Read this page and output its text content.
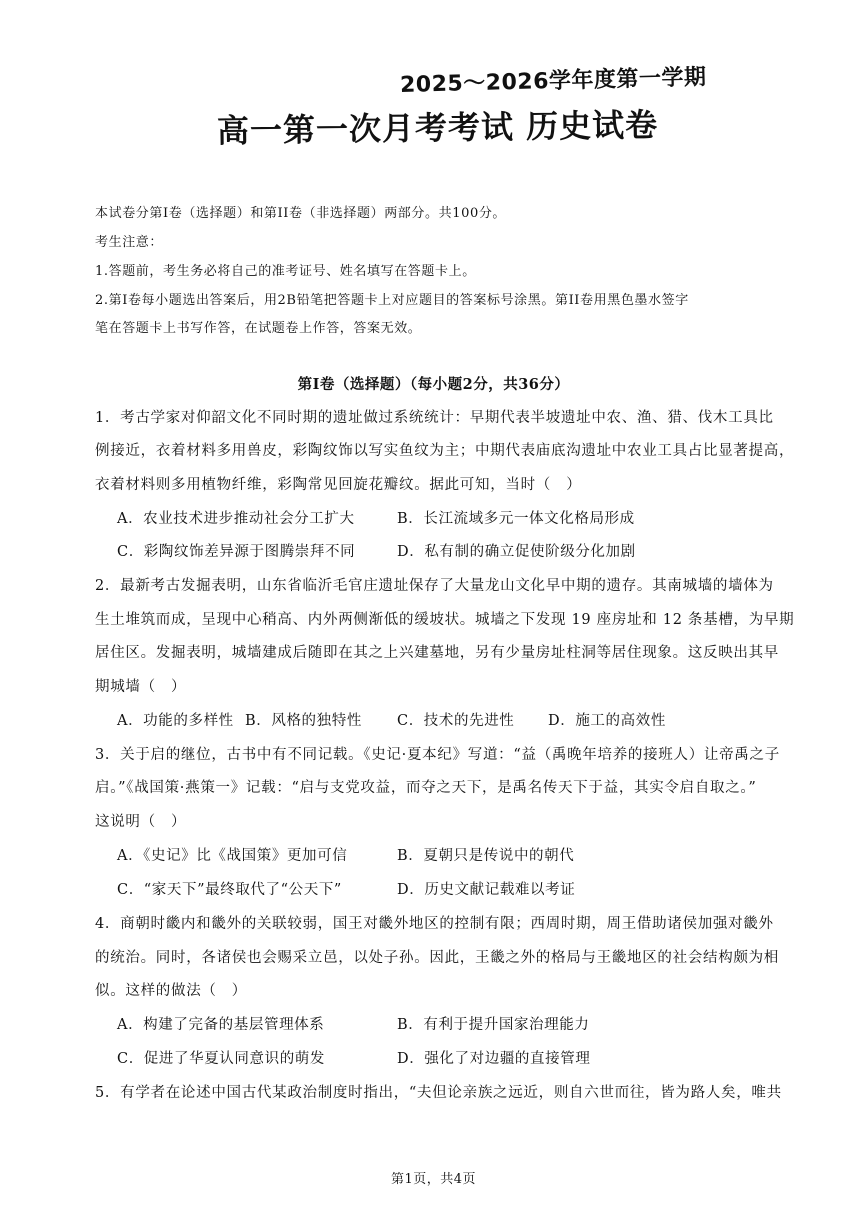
2025～2026学年度第一学期
高一第一次月考考试 历史试卷
本试卷分第Ⅰ卷（选择题）和第ⅠⅠ卷（非选择题）两部分。共100分。
考生注意：
1.答题前，考生务必将自己的准考证号、姓名填写在答题卡上。
2.第Ⅰ卷每小题选出答案后，用2B铅笔把答题卡上对应题目的答案标号涂黑。第ⅠⅠ卷用黑色墨水签字
笔在答题卡上书写作答，在试题卷上作答，答案无效。
第Ⅰ卷（选择题）（每小题2分，共36分）
1．考古学家对仰韶文化不同时期的遗址做过系统统计：早期代表半坡遗址中农、渔、猎、伐木工具比
例接近，衣着材料多用兽皮，彩陶纹饰以写实鱼纹为主；中期代表庙底沟遗址中农业工具占比显著提高，
衣着材料则多用植物纤维，彩陶常见回旋花瓣纹。据此可知，当时（　）
A．农业技术进步推动社会分工扩大	B．长江流域多元一体文化格局形成
C．彩陶纹饰差异源于图腾崇拜不同	D．私有制的确立促使阶级分化加剧
2．最新考古发掘表明，山东省临沂毛官庄遗址保存了大量龙山文化早中期的遗存。其南城墙的墙体为
生土堆筑而成，呈现中心稍高、内外两侧渐低的缓坡状。城墙之下发现 19 座房址和 12 条基槽，为早期
居住区。发掘表明，城墙建成后随即在其之上兴建墓地，另有少量房址柱洞等居住现象。这反映出其早
期城墙（　）
A．功能的多样性 B．风格的独特性 C．技术的先进性 D．施工的高效性
3．关于启的继位，古书中有不同记载。《史记·夏本纪》写道：“益（禹晚年培养的接班人）让帝禹之子
启。”《战国策·燕策一》记载：“启与支党攻益，而夺之天下，是禹名传天下于益，其实令启自取之。”
这说明（　）
A．《史记》比《战国策》更加可信	B．夏朝只是传说中的朝代
C．“家天下”最终取代了“公天下”	D．历史文献记载难以考证
4．商朝时畿内和畿外的关联较弱，国王对畿外地区的控制有限；西周时期，周王借助诸侯加强对畿外
的统治。同时，各诸侯也会赐采立邑，以处子孙。因此，王畿之外的格局与王畿地区的社会结构颇为相
似。这样的做法（　）
A．构建了完备的基层管理体系	B．有利于提升国家治理能力
C．促进了华夏认同意识的萌发	D．强化了对边疆的直接管理
5．有学者在论述中国古代某政治制度时指出，“夫但论亲族之远近，则自六世而往，皆为路人矣，唯共
第1页，共4页
